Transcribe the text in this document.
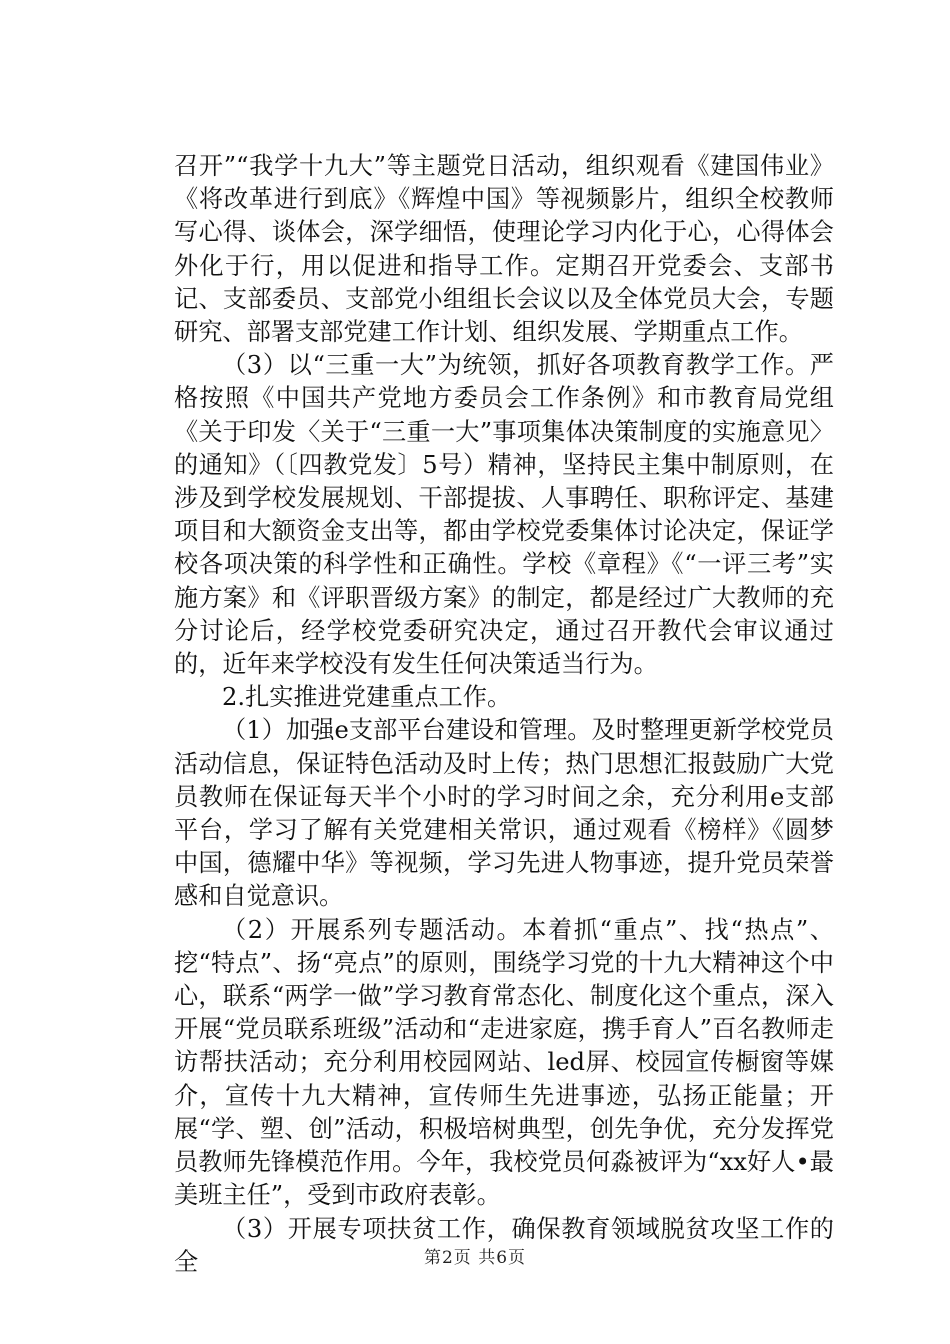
召开”“我学十九大”等主题党日活动，组织观看《建国伟业》《将改革进行到底》《辉煌中国》等视频影片，组织全校教师写心得、谈体会，深学细悟，使理论学习内化于心，心得体会外化于行，用以促进和指导工作。定期召开党委会、支部书记、支部委员、支部党小组组长会议以及全体党员大会，专题研究、部署支部党建工作计划、组织发展、学期重点工作。

（3）以“三重一大”为统领，抓好各项教育教学工作。严格按照《中国共产党地方委员会工作条例》和市教育局党组《关于印发〈关于“三重一大”事项集体决策制度的实施意见〉的通知》（〔四教党发〕5号）精神，坚持民主集中制原则，在涉及到学校发展规划、干部提拔、人事聘任、职称评定、基建项目和大额资金支出等，都由学校党委集体讨论决定，保证学校各项决策的科学性和正确性。学校《章程》《“一评三考”实施方案》和《评职晋级方案》的制定，都是经过广大教师的充分讨论后，经学校党委研究决定，通过召开教代会审议通过的，近年来学校没有发生任何决策适当行为。

2.扎实推进党建重点工作。

（1）加强e支部平台建设和管理。及时整理更新学校党员活动信息，保证特色活动及时上传；热门思想汇报鼓励广大党员教师在保证每天半个小时的学习时间之余，充分利用e支部平台，学习了解有关党建相关常识，通过观看《榜样》《圆梦中国，德耀中华》等视频，学习先进人物事迹，提升党员荣誉感和自觉意识。

（2）开展系列专题活动。本着抓“重点”、找“热点”、挖“特点”、扬“亮点”的原则，围绕学习党的十九大精神这个中心，联系“两学一做”学习教育常态化、制度化这个重点，深入开展“党员联系班级”活动和“走进家庭，携手育人”百名教师走访帮扶活动；充分利用校园网站、led屏、校园宣传橱窗等媒介，宣传十九大精神，宣传师生先进事迹，弘扬正能量；开展“学、塑、创”活动，积极培树典型，创先争优，充分发挥党员教师先锋模范作用。今年，我校党员何淼被评为“xx好人•最美班主任”，受到市政府表彰。

（3）开展专项扶贫工作，确保教育领域脱贫攻坚工作的全	第2页 共6页
